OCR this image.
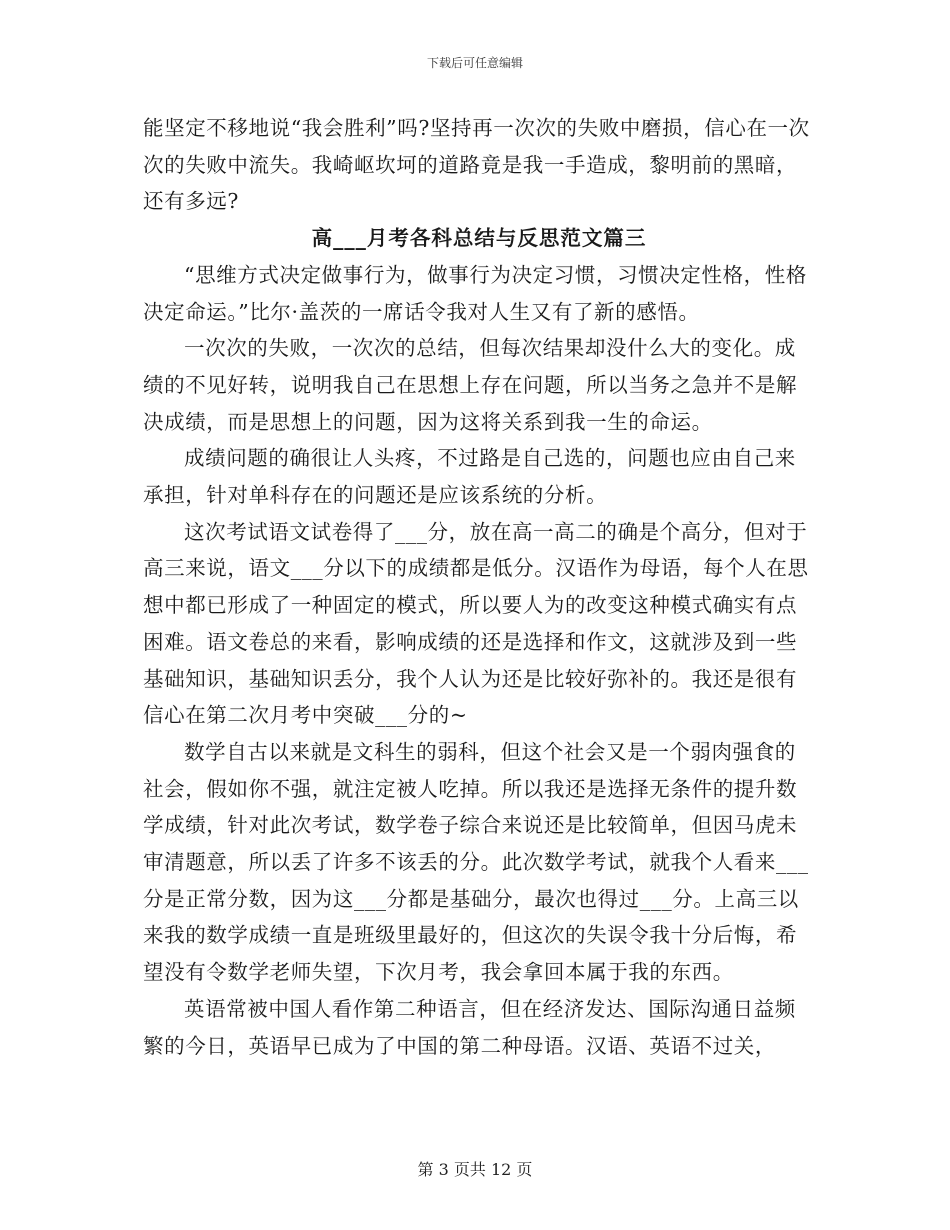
下载后可任意编辑

能坚定不移地说“我会胜利”吗?坚持再一次次的失败中磨损，信心在一次次的失败中流失。我崎岖坎坷的道路竟是我一手造成，黎明前的黑暗，还有多远?

高___月考各科总结与反思范文篇三

“思维方式决定做事行为，做事行为决定习惯，习惯决定性格，性格决定命运。”比尔·盖茨的一席话令我对人生又有了新的感悟。

一次次的失败，一次次的总结，但每次结果却没什么大的变化。成绩的不见好转，说明我自己在思想上存在问题，所以当务之急并不是解决成绩，而是思想上的问题，因为这将关系到我一生的命运。

成绩问题的确很让人头疼，不过路是自己选的，问题也应由自己来承担，针对单科存在的问题还是应该系统的分析。

这次考试语文试卷得了___分，放在高一高二的确是个高分，但对于高三来说，语文___分以下的成绩都是低分。汉语作为母语，每个人在思想中都已形成了一种固定的模式，所以要人为的改变这种模式确实有点困难。语文卷总的来看，影响成绩的还是选择和作文，这就涉及到一些基础知识，基础知识丢分，我个人认为还是比较好弥补的。我还是很有信心在第二次月考中突破___分的~

数学自古以来就是文科生的弱科，但这个社会又是一个弱肉强食的社会，假如你不强，就注定被人吃掉。所以我还是选择无条件的提升数学成绩，针对此次考试，数学卷子综合来说还是比较简单，但因马虎未审清题意，所以丢了许多不该丢的分。此次数学考试，就我个人看来___分是正常分数，因为这___分都是基础分，最次也得过___分。上高三以来我的数学成绩一直是班级里最好的，但这次的失误令我十分后悔，希望没有令数学老师失望，下次月考，我会拿回本属于我的东西。

英语常被中国人看作第二种语言，但在经济发达、国际沟通日益频繁的今日，英语早已成为了中国的第二种母语。汉语、英语不过关，

第 3 页共 12 页
